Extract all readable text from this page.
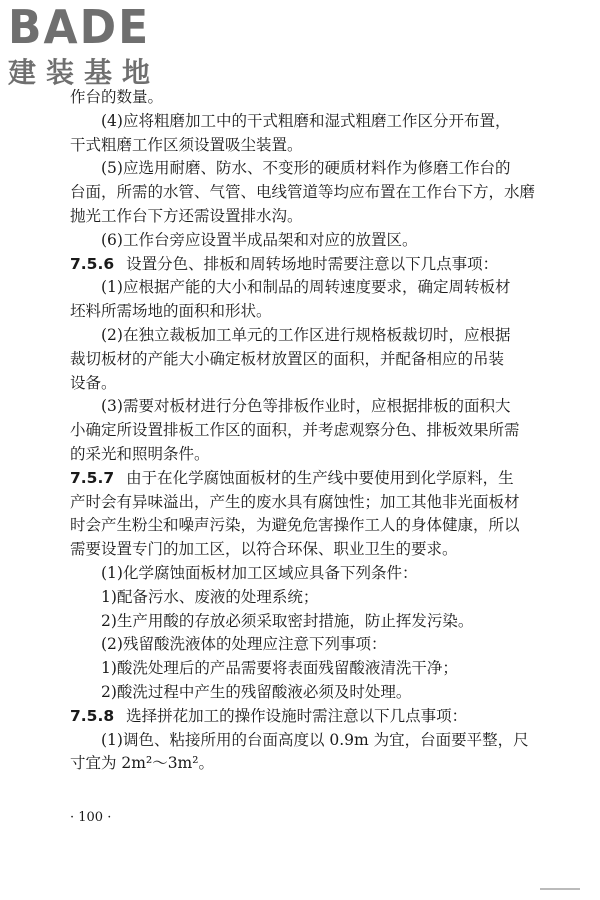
BADE
建装基地
作台的数量。
(4)应将粗磨加工中的干式粗磨和湿式粗磨工作区分开布置，
干式粗磨工作区须设置吸尘装置。
(5)应选用耐磨、防水、不变形的硬质材料作为修磨工作台的
台面，所需的水管、气管、电线管道等均应布置在工作台下方，水磨
抛光工作台下方还需设置排水沟。
(6)工作台旁应设置半成品架和对应的放置区。
7.5.6 设置分色、排板和周转场地时需要注意以下几点事项：
(1)应根据产能的大小和制品的周转速度要求，确定周转板材
坯料所需场地的面积和形状。
(2)在独立裁板加工单元的工作区进行规格板裁切时，应根据
裁切板材的产能大小确定板材放置区的面积，并配备相应的吊装
设备。
(3)需要对板材进行分色等排板作业时，应根据排板的面积大
小确定所设置排板工作区的面积，并考虑观察分色、排板效果所需
的采光和照明条件。
7.5.7 由于在化学腐蚀面板材的生产线中要使用到化学原料，生
产时会有异味溢出，产生的废水具有腐蚀性；加工其他非光面板材
时会产生粉尘和噪声污染，为避免危害操作工人的身体健康，所以
需要设置专门的加工区，以符合环保、职业卫生的要求。
(1)化学腐蚀面板材加工区域应具备下列条件：
1)配备污水、废液的处理系统；
2)生产用酸的存放必须采取密封措施，防止挥发污染。
(2)残留酸洗液体的处理应注意下列事项：
1)酸洗处理后的产品需要将表面残留酸液清洗干净；
2)酸洗过程中产生的残留酸液必须及时处理。
7.5.8 选择拼花加工的操作设施时需注意以下几点事项：
(1)调色、粘接所用的台面高度以 0.9m 为宜，台面要平整，尺
寸宜为 2m²～3m²。
· 100 ·
